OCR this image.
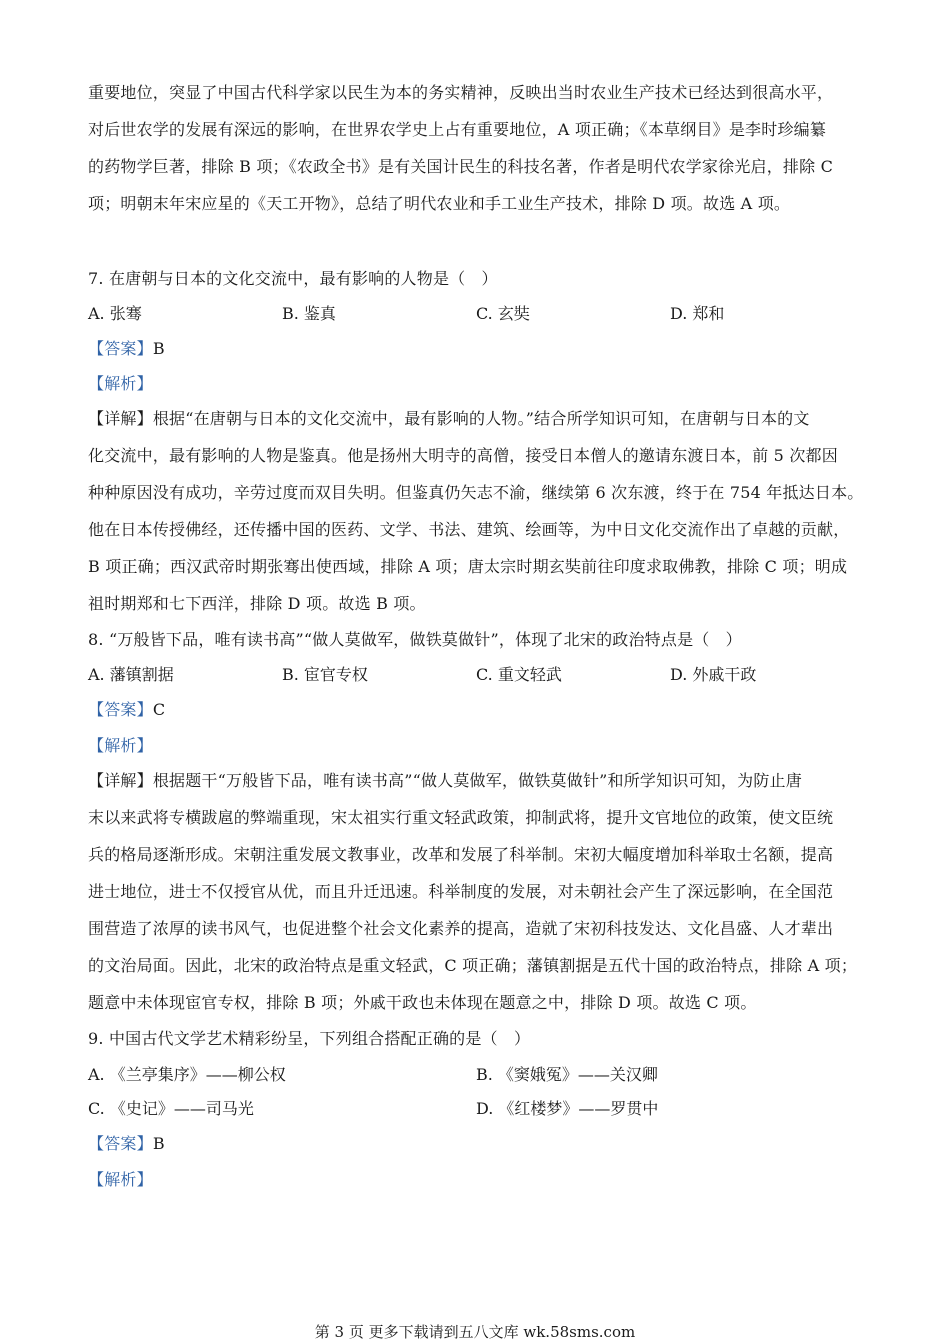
重要地位，突显了中国古代科学家以民生为本的务实精神，反映出当时农业生产技术已经达到很高水平，
对后世农学的发展有深远的影响，在世界农学史上占有重要地位，A 项正确；《本草纲目》是李时珍编纂
的药物学巨著，排除 B 项；《农政全书》是有关国计民生的科技名著，作者是明代农学家徐光启，排除 C
项；明朝末年宋应星的《天工开物》，总结了明代农业和手工业生产技术，排除 D 项。故选 A 项。
7. 在唐朝与日本的文化交流中，最有影响的人物是（　）
A. 张骞	B. 鉴真	C. 玄奘	D. 郑和
【答案】B
【解析】
【详解】根据“在唐朝与日本的文化交流中，最有影响的人物。”结合所学知识可知，在唐朝与日本的文
化交流中，最有影响的人物是鉴真。他是扬州大明寺的高僧，接受日本僧人的邀请东渡日本，前 5 次都因
种种原因没有成功，辛劳过度而双目失明。但鉴真仍矢志不渝，继续第 6 次东渡，终于在 754 年抵达日本。
他在日本传授佛经，还传播中国的医药、文学、书法、建筑、绘画等，为中日文化交流作出了卓越的贡献，
B 项正确；西汉武帝时期张骞出使西域，排除 A 项；唐太宗时期玄奘前往印度求取佛教，排除 C 项；明成
祖时期郑和七下西洋，排除 D 项。故选 B 项。
8. “万般皆下品，唯有读书高”“做人莫做军，做铁莫做针”，体现了北宋的政治特点是（　）
A. 藩镇割据	B. 宦官专权	C. 重文轻武	D. 外戚干政
【答案】C
【解析】
【详解】根据题干“万般皆下品，唯有读书高”“做人莫做军，做铁莫做针”和所学知识可知，为防止唐
末以来武将专横跋扈的弊端重现，宋太祖实行重文轻武政策，抑制武将，提升文官地位的政策，使文臣统
兵的格局逐渐形成。宋朝注重发展文教事业，改革和发展了科举制。宋初大幅度增加科举取士名额，提高
进士地位，进士不仅授官从优，而且升迁迅速。科举制度的发展，对未朝社会产生了深远影响，在全国范
围营造了浓厚的读书风气，也促进整个社会文化素养的提高，造就了宋初科技发达、文化昌盛、人才辈出
的文治局面。因此，北宋的政治特点是重文轻武，C 项正确；藩镇割据是五代十国的政治特点，排除 A 项；
题意中未体现宦官专权，排除 B 项；外戚干政也未体现在题意之中，排除 D 项。故选 C 项。
9. 中国古代文学艺术精彩纷呈，下列组合搭配正确的是（　）
A. 《兰亭集序》——柳公权	B. 《窦娥冤》——关汉卿
C. 《史记》——司马光	D. 《红楼梦》——罗贯中
【答案】B
【解析】
第 3 页 更多下载请到五八文库 wk.58sms.com
